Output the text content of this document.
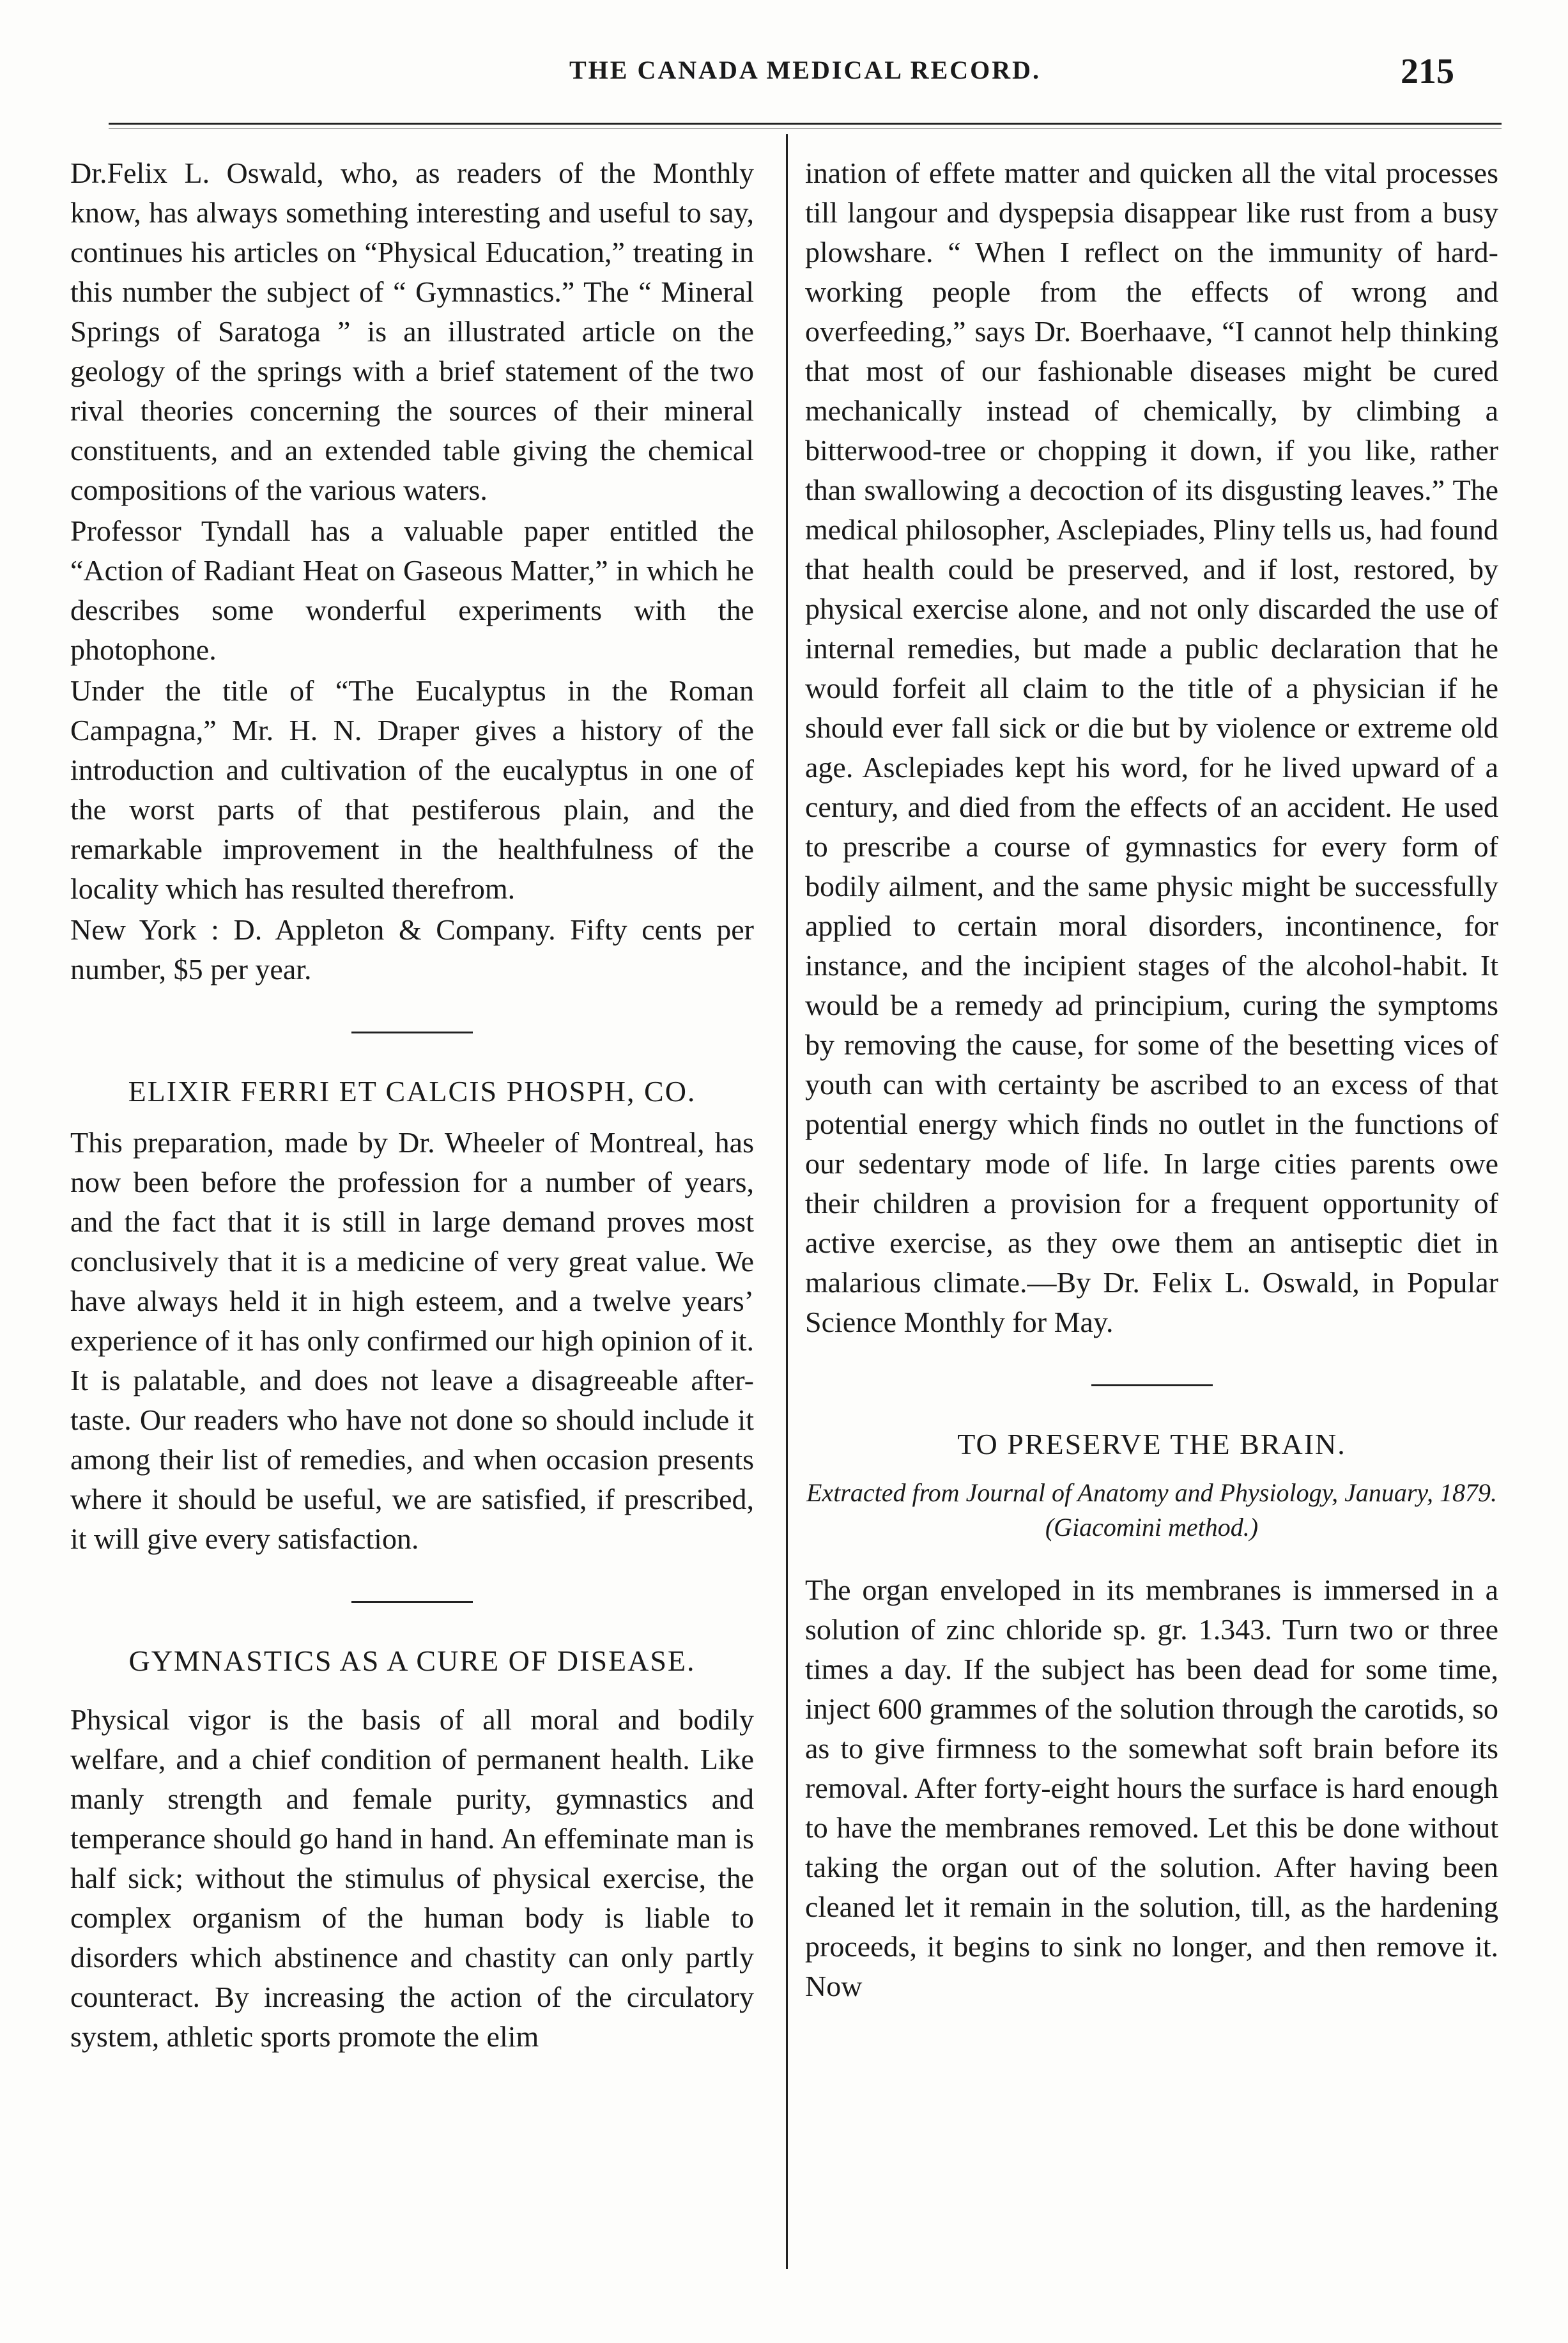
THE CANADA MEDICAL RECORD.	215

Dr.Felix L. Oswald, who, as readers of the Monthly know, has always something interesting and useful to say, continues his articles on “Physical Education,” treating in this number the subject of “ Gymnastics.” The “ Mineral Springs of Saratoga ” is an illustrated article on the geology of the springs with a brief statement of the two rival theories concerning the sources of their mineral constituents, and an extended table giving the chemical compositions of the various waters.

Professor Tyndall has a valuable paper entitled the “Action of Radiant Heat on Gaseous Matter,” in which he describes some wonderful experiments with the photophone.

Under the title of “The Eucalyptus in the Roman Campagna,” Mr. H. N. Draper gives a history of the introduction and cultivation of the eucalyptus in one of the worst parts of that pestiferous plain, and the remarkable improvement in the healthfulness of the locality which has resulted therefrom.

New York : D. Appleton & Company. Fifty cents per number, $5 per year.

ELIXIR FERRI ET CALCIS PHOSPH, CO.

This preparation, made by Dr. Wheeler of Montreal, has now been before the profession for a number of years, and the fact that it is still in large demand proves most conclusively that it is a medicine of very great value. We have always held it in high esteem, and a twelve years’ experience of it has only confirmed our high opinion of it. It is palatable, and does not leave a disagreeable after-taste. Our readers who have not done so should include it among their list of remedies, and when occasion presents where it should be useful, we are satisfied, if prescribed, it will give every satisfaction.

GYMNASTICS AS A CURE OF DISEASE.

Physical vigor is the basis of all moral and bodily welfare, and a chief condition of permanent health. Like manly strength and female purity, gymnastics and temperance should go hand in hand. An effeminate man is half sick; without the stimulus of physical exercise, the complex organism of the human body is liable to disorders which abstinence and chastity can only partly counteract. By increasing the action of the circulatory system, athletic sports promote the elim

ination of effete matter and quicken all the vital processes till langour and dyspepsia disappear like rust from a busy plowshare. “ When I reflect on the immunity of hard-working people from the effects of wrong and overfeeding,” says Dr. Boerhaave, “I cannot help thinking that most of our fashionable diseases might be cured mechanically instead of chemically, by climbing a bitterwood-tree or chopping it down, if you like, rather than swallowing a decoction of its disgusting leaves.” The medical philosopher, Asclepiades, Pliny tells us, had found that health could be preserved, and if lost, restored, by physical exercise alone, and not only discarded the use of internal remedies, but made a public declaration that he would forfeit all claim to the title of a physician if he should ever fall sick or die but by violence or extreme old age. Asclepiades kept his word, for he lived upward of a century, and died from the effects of an accident. He used to prescribe a course of gymnastics for every form of bodily ailment, and the same physic might be successfully applied to certain moral disorders, incontinence, for instance, and the incipient stages of the alcohol-habit. It would be a remedy ad principium, curing the symptoms by removing the cause, for some of the besetting vices of youth can with certainty be ascribed to an excess of that potential energy which finds no outlet in the functions of our sedentary mode of life. In large cities parents owe their children a provision for a frequent opportunity of active exercise, as they owe them an antiseptic diet in malarious climate.—By Dr. Felix L. Oswald, in Popular Science Monthly for May.

TO PRESERVE THE BRAIN.
Extracted from Journal of Anatomy and Physiology, January, 1879. (Giacomini method.)

The organ enveloped in its membranes is immersed in a solution of zinc chloride sp. gr. 1.343. Turn two or three times a day. If the subject has been dead for some time, inject 600 grammes of the solution through the carotids, so as to give firmness to the somewhat soft brain before its removal. After forty-eight hours the surface is hard enough to have the membranes removed. Let this be done without taking the organ out of the solution. After having been cleaned let it remain in the solution, till, as the hardening proceeds, it begins to sink no longer, and then remove it. Now
